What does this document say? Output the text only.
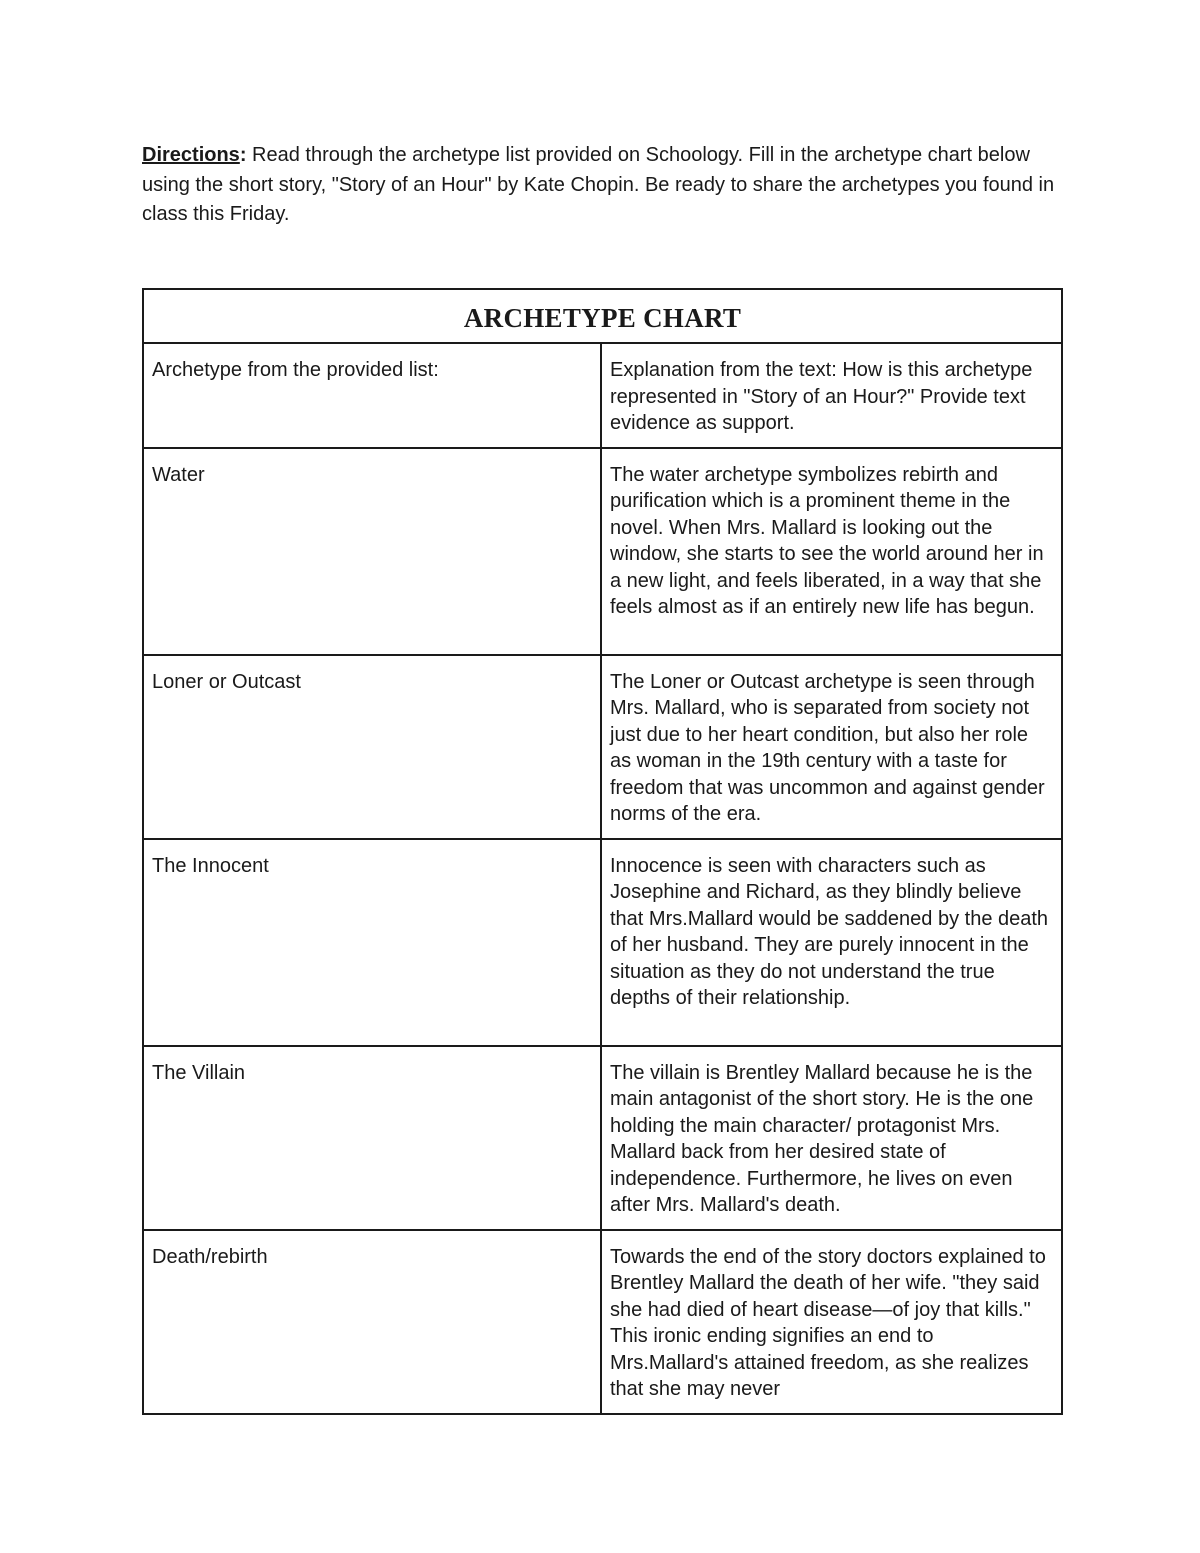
Directions: Read through the archetype list provided on Schoology. Fill in the archetype chart below using the short story, "Story of an Hour" by Kate Chopin. Be ready to share the archetypes you found in class this Friday.

ARCHETYPE CHART	
Archetype from the provided list:	Explanation from the text: How is this archetype represented in "Story of an Hour?" Provide text evidence as support.
Water	The water archetype symbolizes rebirth and purification which is a prominent theme in the novel. When Mrs. Mallard is looking out the window, she starts to see the world around her in a new light, and feels liberated, in a way that she feels almost as if an entirely new life has begun.
Loner or Outcast	The Loner or Outcast archetype is seen through Mrs. Mallard, who is separated from society not just due to her heart condition, but also her role as woman in the 19th century with a taste for freedom that was uncommon and against gender norms of the era.
The Innocent	Innocence is seen with characters such as Josephine and Richard, as they blindly believe that Mrs.Mallard would be saddened by the death of her husband. They are purely innocent in the situation as they do not understand the true depths of their relationship.
The Villain	The villain is Brentley Mallard because he is the main antagonist of the short story. He is the one holding the main character/ protagonist Mrs. Mallard back from her desired state of independence. Furthermore, he lives on even after Mrs. Mallard's death.
Death/rebirth	Towards the end of the story doctors explained to Brentley Mallard the death of her wife. "they said she had died of heart disease—of joy that kills." This ironic ending signifies an end to Mrs.Mallard's attained freedom, as she realizes that she may never
